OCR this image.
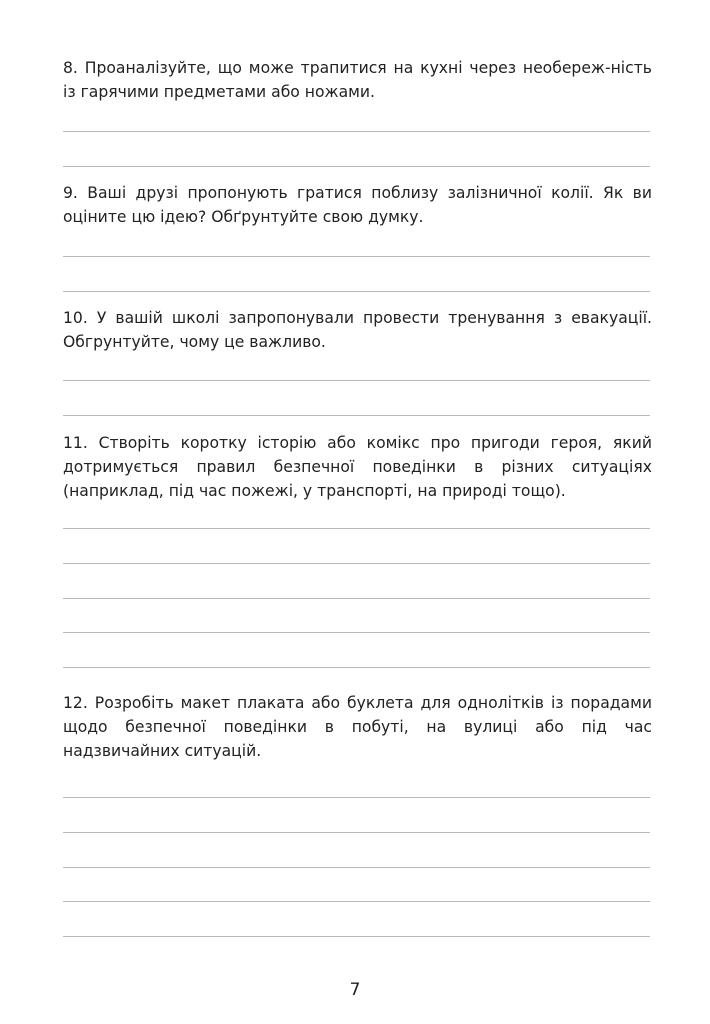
8. Проаналізуйте, що може трапитися на кухні через необереж-ність із гарячими предметами або ножами.

9. Ваші друзі пропонують гратися поблизу залізничної колії. Як ви оціните цю ідею? Обґрунтуйте свою думку.

10. У вашій школі запропонували провести тренування з евакуації. Обгрунтуйте, чому це важливо.

11. Створіть коротку історію або комікс про пригоди героя, який дотримується правил безпечної поведінки в різних ситуаціях (наприклад, під час пожежі, у транспорті, на природі тощо).

12. Розробіть макет плаката або буклета для однолітків із порадами щодо безпечної поведінки в побуті, на вулиці або під час надзвичайних ситуацій.

7
